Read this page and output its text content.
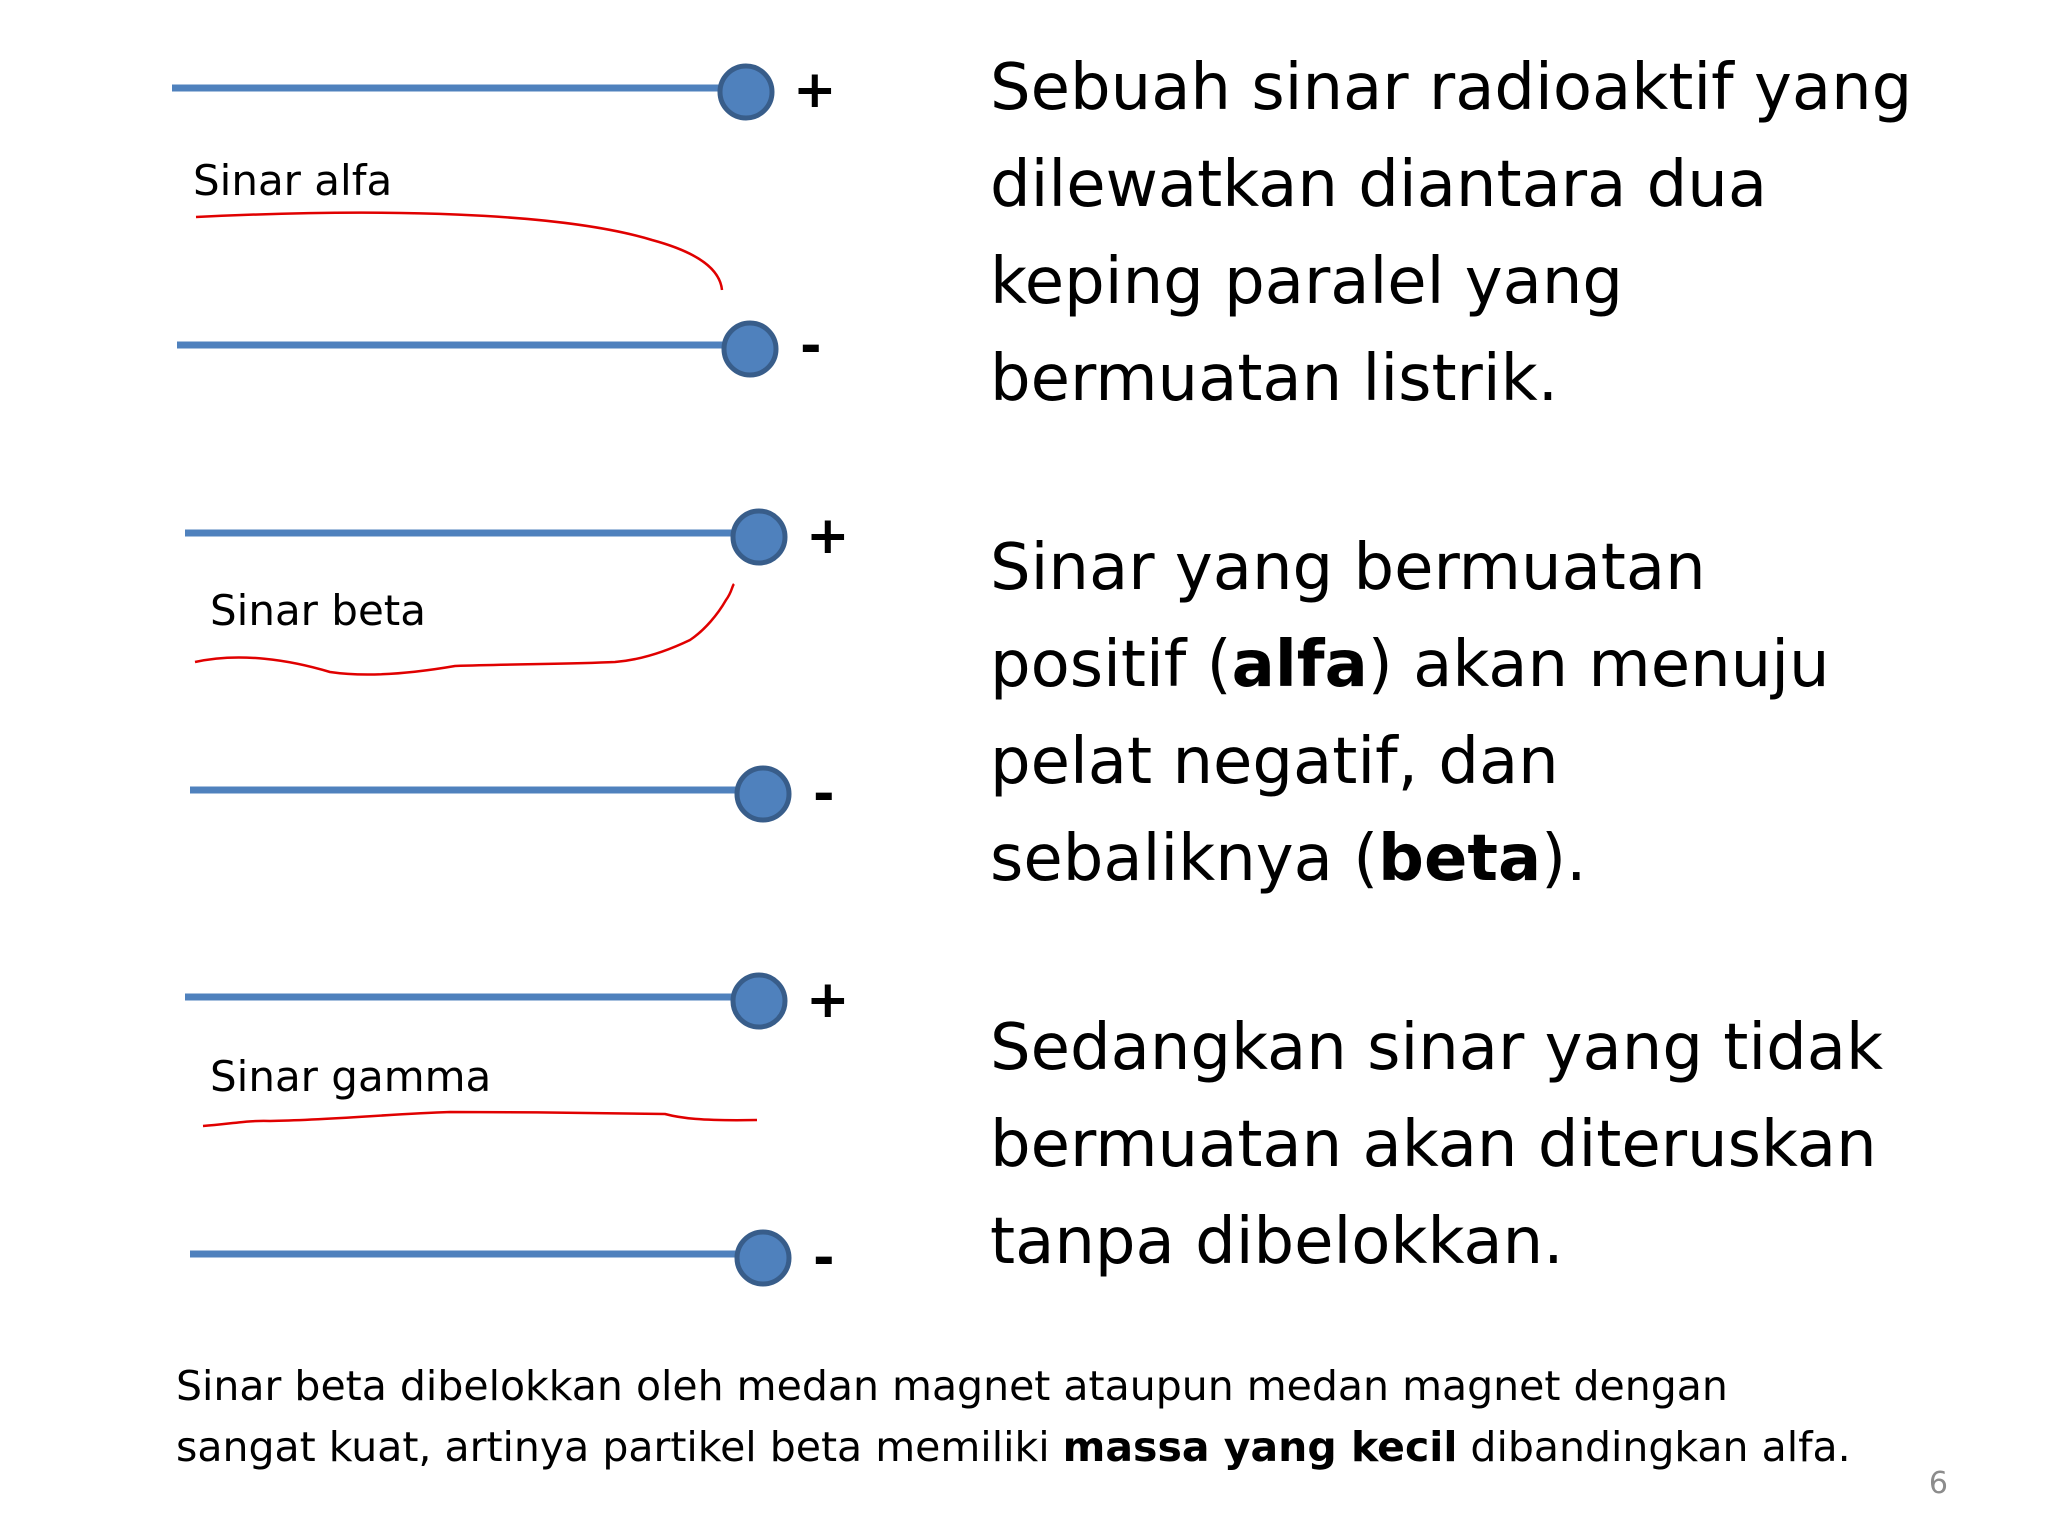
+
-
+
-
+
-
Sinar alfa
Sinar beta
Sinar gamma

Sebuah sinar radioaktif yang
dilewatkan diantara dua
keping paralel yang
bermuatan listrik.

Sinar yang bermuatan
positif (alfa) akan menuju
pelat negatif, dan
sebaliknya (beta).

Sedangkan sinar yang tidak
bermuatan akan diteruskan
tanpa dibelokkan.

Sinar beta dibelokkan oleh medan magnet ataupun medan magnet dengan
sangat kuat, artinya partikel beta memiliki massa yang kecil dibandingkan alfa.

6
